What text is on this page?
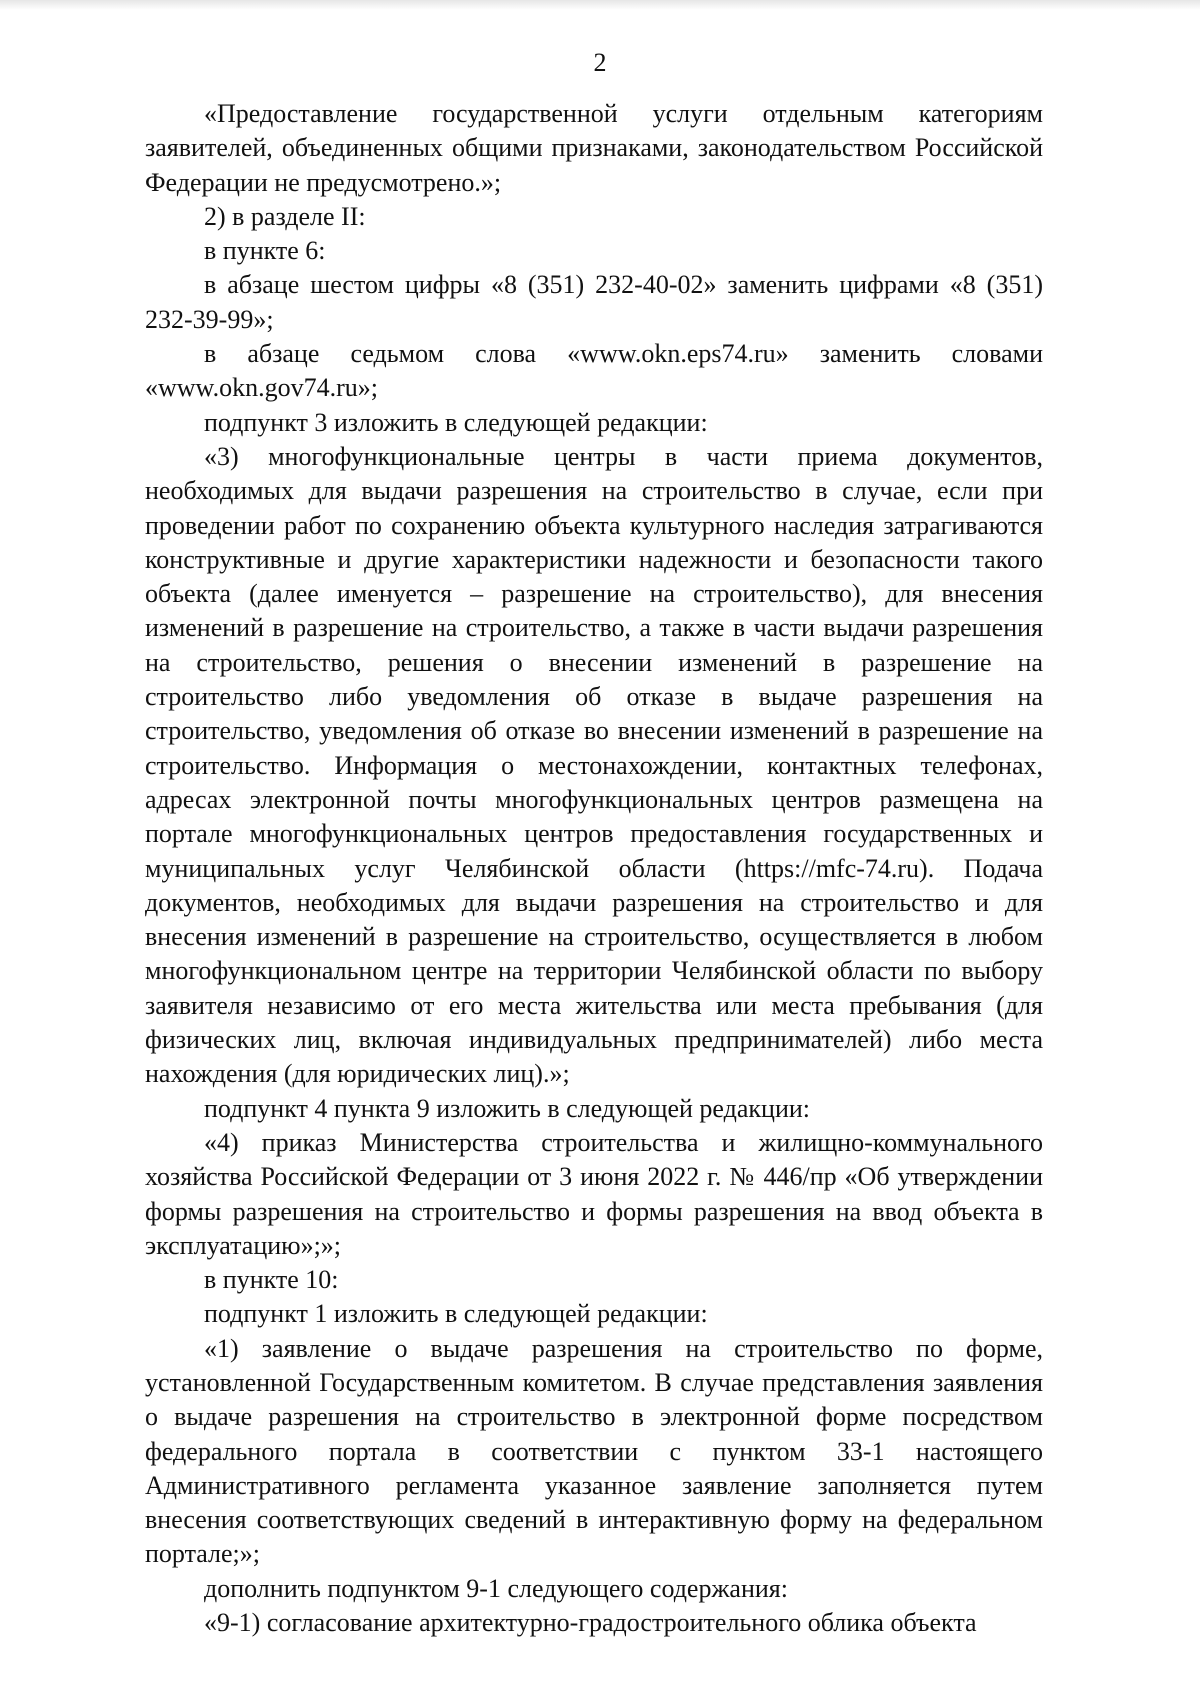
2

«Предоставление государственной услуги отдельным категориям заявителей, объединенных общими признаками, законодательством Российской Федерации не предусмотрено.»;

2) в разделе II:

в пункте 6:

в абзаце шестом цифры «8 (351) 232-40-02» заменить цифрами «8 (351) 232-39-99»;

в абзаце седьмом слова «www.okn.eps74.ru» заменить словами «www.okn.gov74.ru»;

подпункт 3 изложить в следующей редакции:

«3) многофункциональные центры в части приема документов, необходимых для выдачи разрешения на строительство в случае, если при проведении работ по сохранению объекта культурного наследия затрагиваются конструктивные и другие характеристики надежности и безопасности такого объекта (далее именуется – разрешение на строительство), для внесения изменений в разрешение на строительство, а также в части выдачи разрешения на строительство, решения о внесении изменений в разрешение на строительство либо уведомления об отказе в выдаче разрешения на строительство, уведомления об отказе во внесении изменений в разрешение на строительство. Информация о местонахождении, контактных телефонах, адресах электронной почты многофункциональных центров размещена на портале многофункциональных центров предоставления государственных и муниципальных услуг Челябинской области (https://mfc-74.ru). Подача документов, необходимых для выдачи разрешения на строительство и для внесения изменений в разрешение на строительство, осуществляется в любом многофункциональном центре на территории Челябинской области по выбору заявителя независимо от его места жительства или места пребывания (для физических лиц, включая индивидуальных предпринимателей) либо места нахождения (для юридических лиц).»;

подпункт 4 пункта 9 изложить в следующей редакции:

«4) приказ Министерства строительства и жилищно-коммунального хозяйства Российской Федерации от 3 июня 2022 г. № 446/пр «Об утверждении формы разрешения на строительство и формы разрешения на ввод объекта в эксплуатацию»;»;

в пункте 10:

подпункт 1 изложить в следующей редакции:

«1) заявление о выдаче разрешения на строительство по форме, установленной Государственным комитетом. В случае представления заявления о выдаче разрешения на строительство в электронной форме посредством федерального портала в соответствии с пунктом 33-1 настоящего Административного регламента указанное заявление заполняется путем внесения соответствующих сведений в интерактивную форму на федеральном портале;»;

дополнить подпунктом 9-1 следующего содержания:

«9-1) согласование архитектурно-градостроительного облика объекта
